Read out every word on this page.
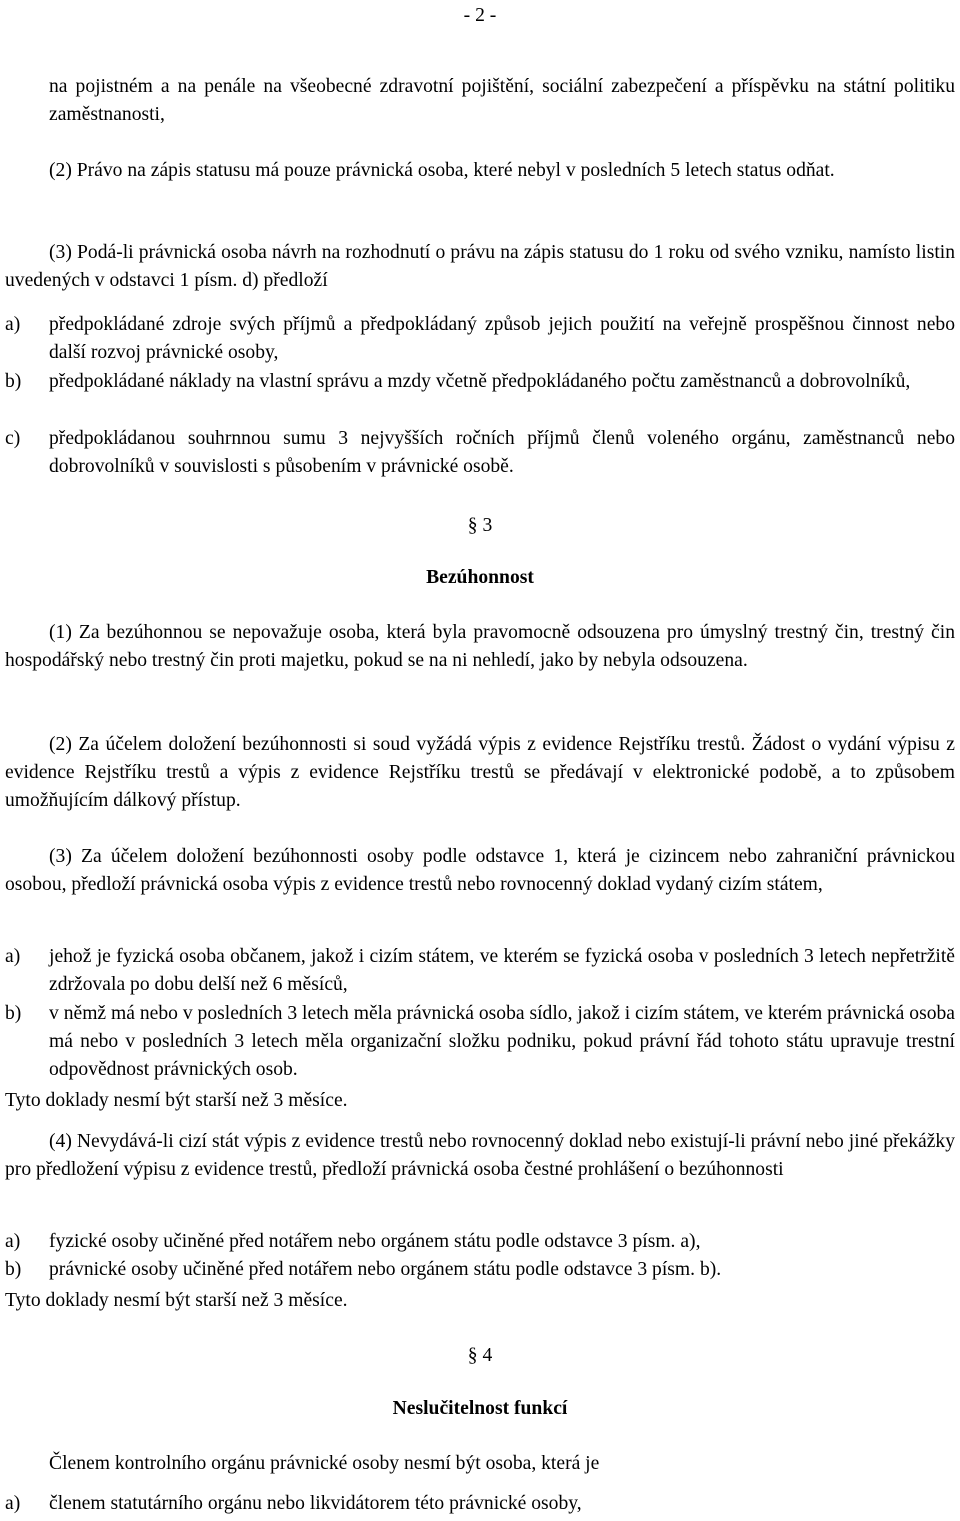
- 2 -
na pojistném a na penále na všeobecné zdravotní pojištění, sociální zabezpečení a příspěvku na státní politiku zaměstnanosti,
(2) Právo na zápis statusu má pouze právnická osoba, které nebyl v posledních 5 letech status odňat.
(3) Podá-li právnická osoba návrh na rozhodnutí o právu na zápis statusu do 1 roku od svého vzniku, namísto listin uvedených v odstavci 1 písm. d) předloží
a) předpokládané zdroje svých příjmů a předpokládaný způsob jejich použití na veřejně prospěšnou činnost nebo další rozvoj právnické osoby,
b) předpokládané náklady na vlastní správu a mzdy včetně předpokládaného počtu zaměstnanců a dobrovolníků,
c) předpokládanou souhrnnou sumu 3 nejvyšších ročních příjmů členů voleného orgánu, zaměstnanců nebo dobrovolníků v souvislosti s působením v právnické osobě.
§ 3
Bezúhonnost
(1) Za bezúhonnou se nepovažuje osoba, která byla pravomocně odsouzena pro úmyslný trestný čin, trestný čin hospodářský nebo trestný čin proti majetku, pokud se na ni nehledí, jako by nebyla odsouzena.
(2) Za účelem doložení bezúhonnosti si soud vyžádá výpis z evidence Rejstříku trestů. Žádost o vydání výpisu z evidence Rejstříku trestů a výpis z evidence Rejstříku trestů se předávají v elektronické podobě, a to způsobem umožňujícím dálkový přístup.
(3) Za účelem doložení bezúhonnosti osoby podle odstavce 1, která je cizincem nebo zahraniční právnickou osobou, předloží právnická osoba výpis z evidence trestů nebo rovnocenný doklad vydaný cizím státem,
a) jehož je fyzická osoba občanem, jakož i cizím státem, ve kterém se fyzická osoba v posledních 3 letech nepřetržitě zdržovala po dobu delší než 6 měsíců,
b) v němž má nebo v posledních 3 letech měla právnická osoba sídlo, jakož i cizím státem, ve kterém právnická osoba má nebo v posledních 3 letech měla organizační složku podniku, pokud právní řád tohoto státu upravuje trestní odpovědnost právnických osob.
Tyto doklady nesmí být starší než 3 měsíce.
(4) Nevydává-li cizí stát výpis z evidence trestů nebo rovnocenný doklad nebo existují-li právní nebo jiné překážky pro předložení výpisu z evidence trestů, předloží právnická osoba čestné prohlášení o bezúhonnosti
a) fyzické osoby učiněné před notářem nebo orgánem státu podle odstavce 3 písm. a),
b) právnické osoby učiněné před notářem nebo orgánem státu podle odstavce 3 písm. b).
Tyto doklady nesmí být starší než 3 měsíce.
§ 4
Neslučitelnost funkcí
Členem kontrolního orgánu právnické osoby nesmí být osoba, která je
a) členem statutárního orgánu nebo likvidátorem této právnické osoby,
